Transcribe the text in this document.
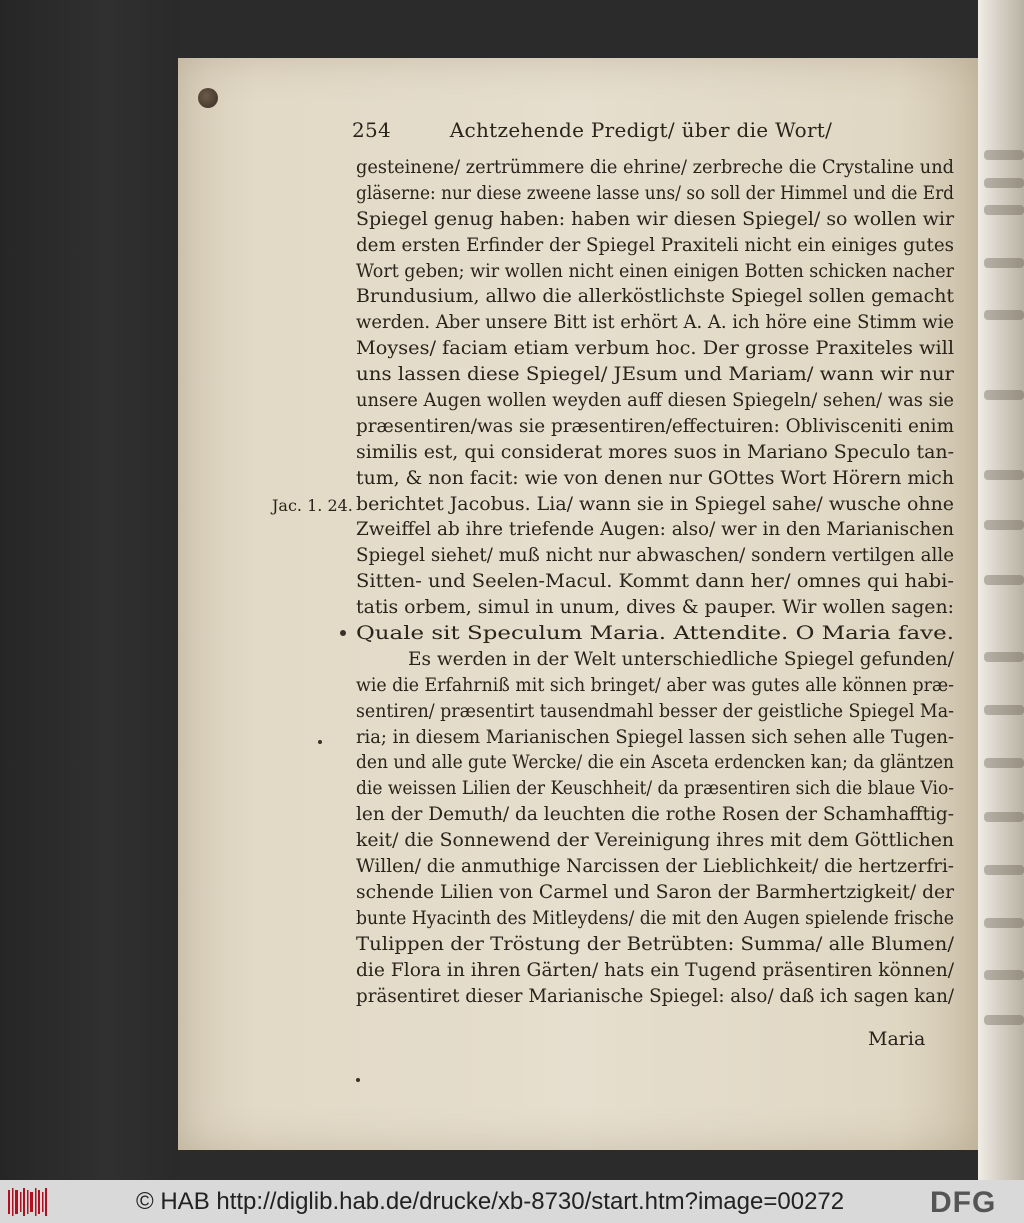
254	Achtzehende Predigt/ über die Wort/
Jac. 1. 24.
gesteinene/ zertrümmere die ehrine/ zerbreche die Crystaline und
gläserne: nur diese zweene lasse uns/ so soll der Himmel und die Erd
Spiegel genug haben: haben wir diesen Spiegel/ so wollen wir
dem ersten Erfinder der Spiegel Praxiteli nicht ein einiges gutes
Wort geben; wir wollen nicht einen einigen Botten schicken nacher
Brundusium, allwo die allerköstlichste Spiegel sollen gemacht
werden. Aber unsere Bitt ist erhört A. A. ich höre eine Stimm wie
Moyses/ faciam etiam verbum hoc. Der grosse Praxiteles will
uns lassen diese Spiegel/ JEsum und Mariam/ wann wir nur
unsere Augen wollen weyden auff diesen Spiegeln/ sehen/ was sie
præsentiren/was sie præsentiren/effectuiren: Oblivisceniti enim
similis est, qui considerat mores suos in Mariano Speculo tan-
tum, & non facit: wie von denen nur GOttes Wort Hörern mich
berichtet Jacobus. Lia/ wann sie in Spiegel sahe/ wusche ohne
Zweiffel ab ihre triefende Augen: also/ wer in den Marianischen
Spiegel siehet/ muß nicht nur abwaschen/ sondern vertilgen alle
Sitten- und Seelen-Macul. Kommt dann her/ omnes qui habi-
tatis orbem, simul in unum, dives & pauper. Wir wollen sagen:
Quale sit Speculum Maria. Attendite. O Maria fave.
Es werden in der Welt unterschiedliche Spiegel gefunden/
wie die Erfahrniß mit sich bringet/ aber was gutes alle können præ-
sentiren/ præsentirt tausendmahl besser der geistliche Spiegel Ma-
ria; in diesem Marianischen Spiegel lassen sich sehen alle Tugen-
den und alle gute Wercke/ die ein Asceta erdencken kan; da gläntzen
die weissen Lilien der Keuschheit/ da præsentiren sich die blaue Vio-
len der Demuth/ da leuchten die rothe Rosen der Schamhafftig-
keit/ die Sonnewend der Vereinigung ihres mit dem Göttlichen
Willen/ die anmuthige Narcissen der Lieblichkeit/ die hertzerfri-
schende Lilien von Carmel und Saron der Barmhertzigkeit/ der
bunte Hyacinth des Mitleydens/ die mit den Augen spielende frische
Tulippen der Tröstung der Betrübten: Summa/ alle Blumen/
die Flora in ihren Gärten/ hats ein Tugend präsentiren können/
präsentiret dieser Marianische Spiegel: also/ daß ich sagen kan/
Maria
© HAB http://diglib.hab.de/drucke/xb-8730/start.htm?image=00272	DFG
